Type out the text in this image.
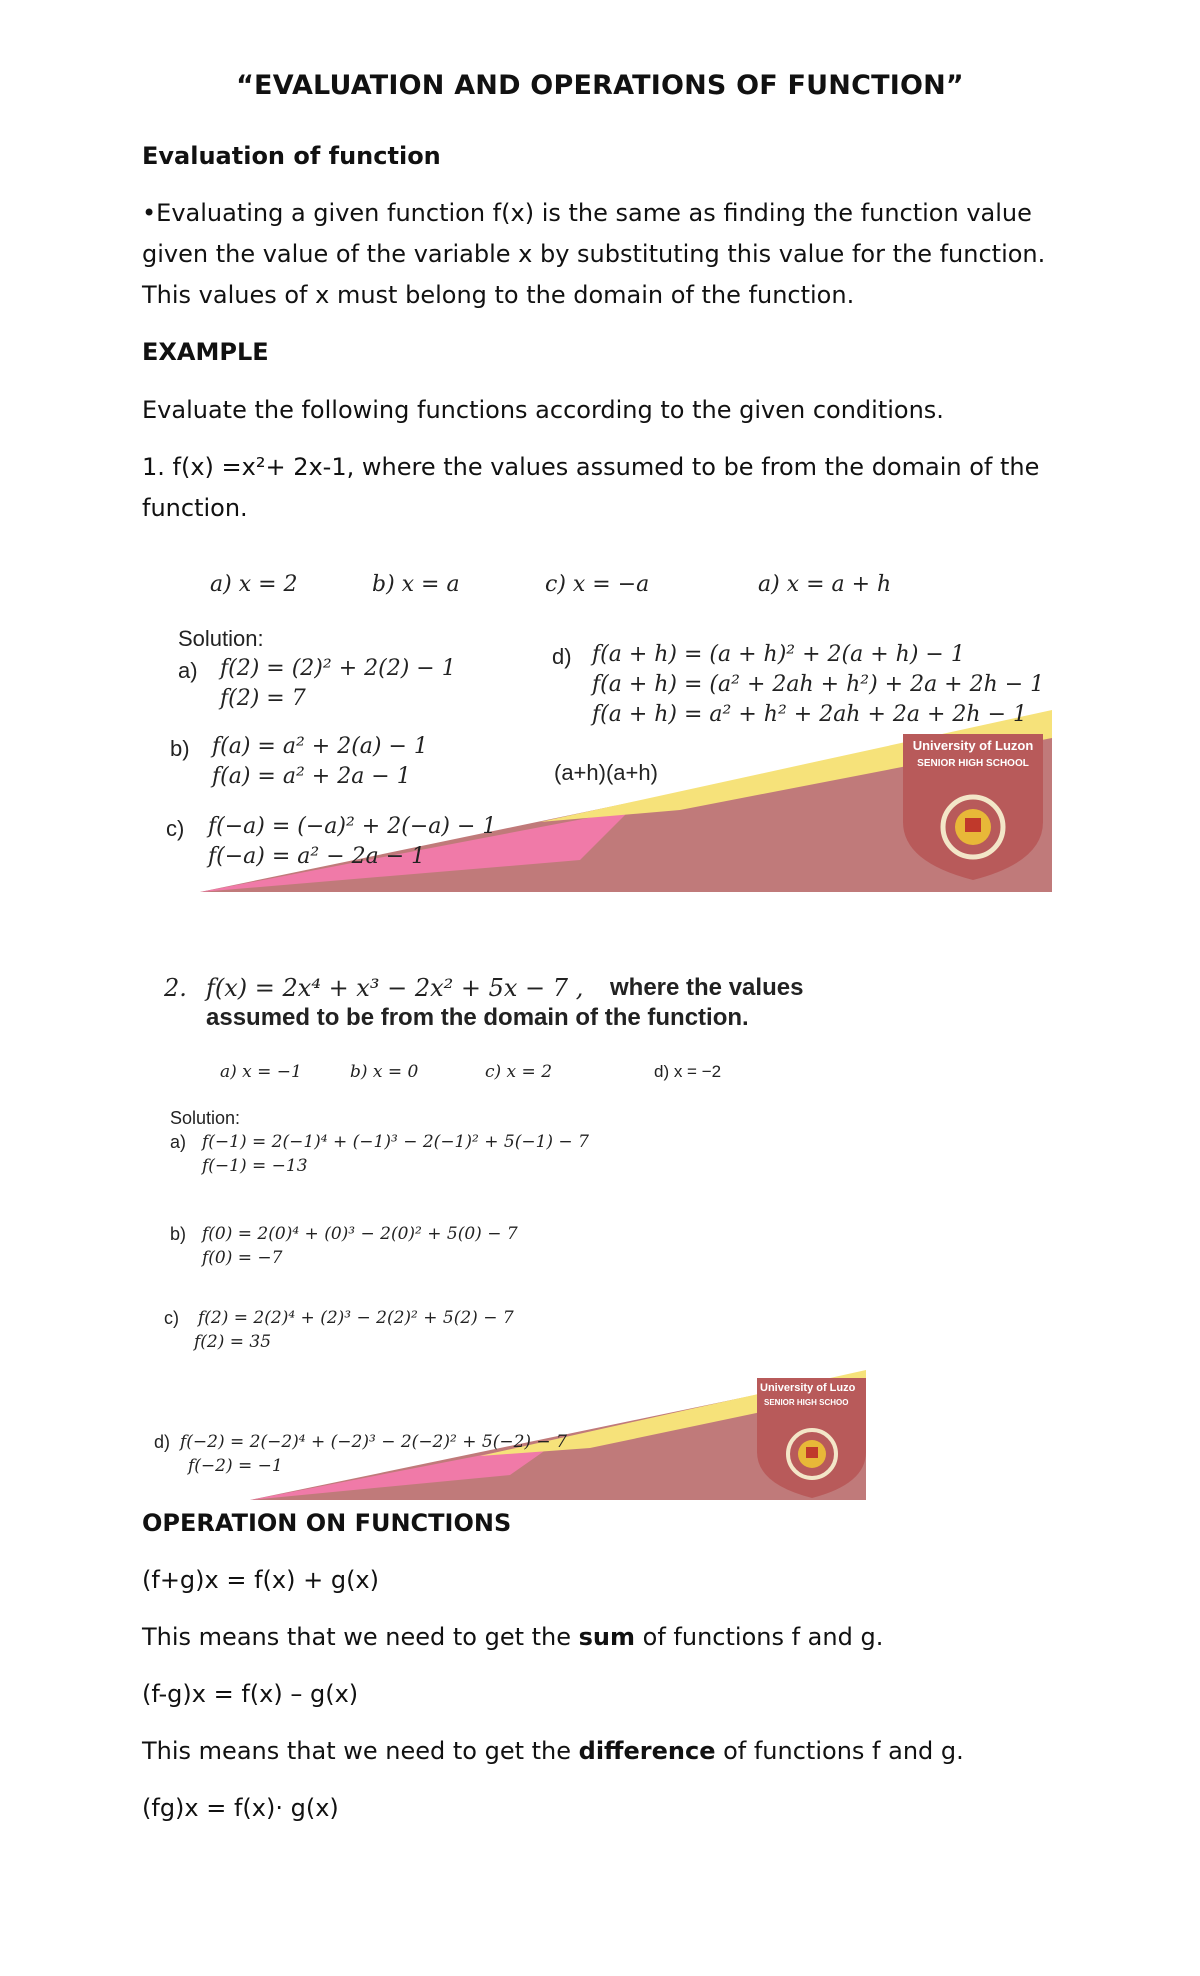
“EVALUATION AND OPERATIONS OF FUNCTION”

Evaluation of function

•Evaluating a given function f(x) is the same as finding the function value

given the value of the variable x by substituting this value for the function.

This values of x must belong to the domain of the function.

EXAMPLE

Evaluate the following functions according to the given conditions.

1. f(x) =x²+ 2x-1, where the values assumed to be from the domain of the

function.

University of Luzon
SENIOR HIGH SCHOOL
a) x = 2	b) x = a	c) x = −a	a) x = a + h
Solution:
a) f(2) = (2)² + 2(2) − 1
f(2) = 7
b) f(a) = a² + 2(a) − 1
f(a) = a² + 2a − 1
c) f(−a) = (−a)² + 2(−a) − 1
f(−a) = a² − 2a − 1
d) f(a + h) = (a + h)² + 2(a + h) − 1
f(a + h) = (a² + 2ah + h²) + 2a + 2h − 1
f(a + h) = a² + h² + 2ah + 2a + 2h − 1
(a+h)(a+h)
University of Luzo
SENIOR HIGH SCHOO
2. f(x) = 2x⁴ + x³ − 2x² + 5x − 7 , where the values
assumed to be from the domain of the function.
a) x = −1	b) x = 0	c) x = 2	d) x = −2
Solution:
a) f(−1) = 2(−1)⁴ + (−1)³ − 2(−1)² + 5(−1) − 7
f(−1) = −13
b) f(0) = 2(0)⁴ + (0)³ − 2(0)² + 5(0) − 7
f(0) = −7
c) f(2) = 2(2)⁴ + (2)³ − 2(2)² + 5(2) − 7
f(2) = 35
d) f(−2) = 2(−2)⁴ + (−2)³ − 2(−2)² + 5(−2) − 7
f(−2) = −1

OPERATION ON FUNCTIONS

(f+g)x = f(x) + g(x)

This means that we need to get the sum of functions f and g.

(f-g)x = f(x) – g(x)

This means that we need to get the difference of functions f and g.

(fg)x = f(x)· g(x)
